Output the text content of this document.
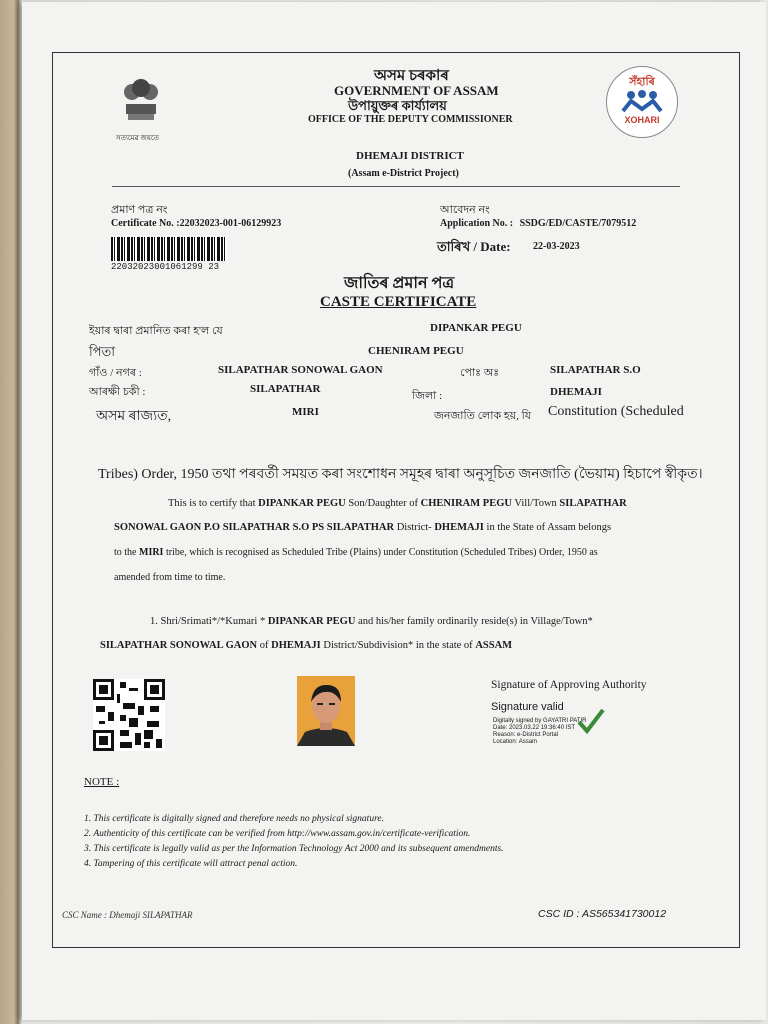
সত্যমেৱ জয়তে
অসম চৰকাৰ
GOVERNMENT OF ASSAM
উপায়ুক্তৰ কাৰ্য্যালয়
OFFICE OF THE DEPUTY COMMISSIONER
সঁহাৰি
XOHARI
DHEMAJI DISTRICT
(Assam e-District Project)
প্ৰমাণ পত্ৰ নং
Certificate No. :22032023-001-06129923
22032023001061299 23
আবেদন নং
Application No. : SSDG/ED/CASTE/7079512
তাৰিখ / Date: 22-03-2023
জাতিৰ প্ৰমান পত্ৰ
CASTE CERTIFICATE
ইয়াৰ দ্বাৰা প্ৰমানিত কৰা হ'ল যে	DIPANKAR PEGU
পিতা	CHENIRAM PEGU
গাঁও / নগৰ :	SILAPATHAR SONOWAL GAON	পোঃ অঃ	SILAPATHAR S.O
আৰক্ষী চকী :	SILAPATHAR
জিলা :	DHEMAJI
অসম ৰাজ্যত,	MIRI	জনজাতি লোক হয়, যি Constitution (Scheduled
Tribes) Order, 1950 তথা পৰবৰ্তী সময়ত কৰা সংশোধন সমূহৰ দ্বাৰা অনুসূচিত জনজাতি (ভৈয়াম) হিচাপে স্বীকৃত।
This is to certify that DIPANKAR PEGU Son/Daughter of CHENIRAM PEGU Vill/Town SILAPATHAR
SONOWAL GAON P.O SILAPATHAR S.O PS SILAPATHAR District- DHEMAJI in the State of Assam belongs
to the MIRI tribe, which is recognised as Scheduled Tribe (Plains) under Constitution (Scheduled Tribes) Order, 1950 as
amended from time to time.
1. Shri/Srimati*/*Kumari * DIPANKAR PEGU and his/her family ordinarily reside(s) in Village/Town*
SILAPATHAR SONOWAL GAON of DHEMAJI District/Subdivision* in the state of ASSAM
Signature of Approving Authority
Signature valid
Digitally signed by GAYATRI PATIR
Date: 2023.03.22 19:36:40 IST
Reason: e-District Portal
Location: Assam
NOTE :
1. This certificate is digitally signed and therefore needs no physical signature.
2. Authenticity of this certificate can be verified from http://www.assam.gov.in/certificate-verification.
3. This certificate is legally valid as per the Information Technology Act 2000 and its subsequent amendments.
4. Tampering of this certificate will attract penal action.
CSC Name : Dhemaji SILAPATHAR	CSC ID : AS565341730012
